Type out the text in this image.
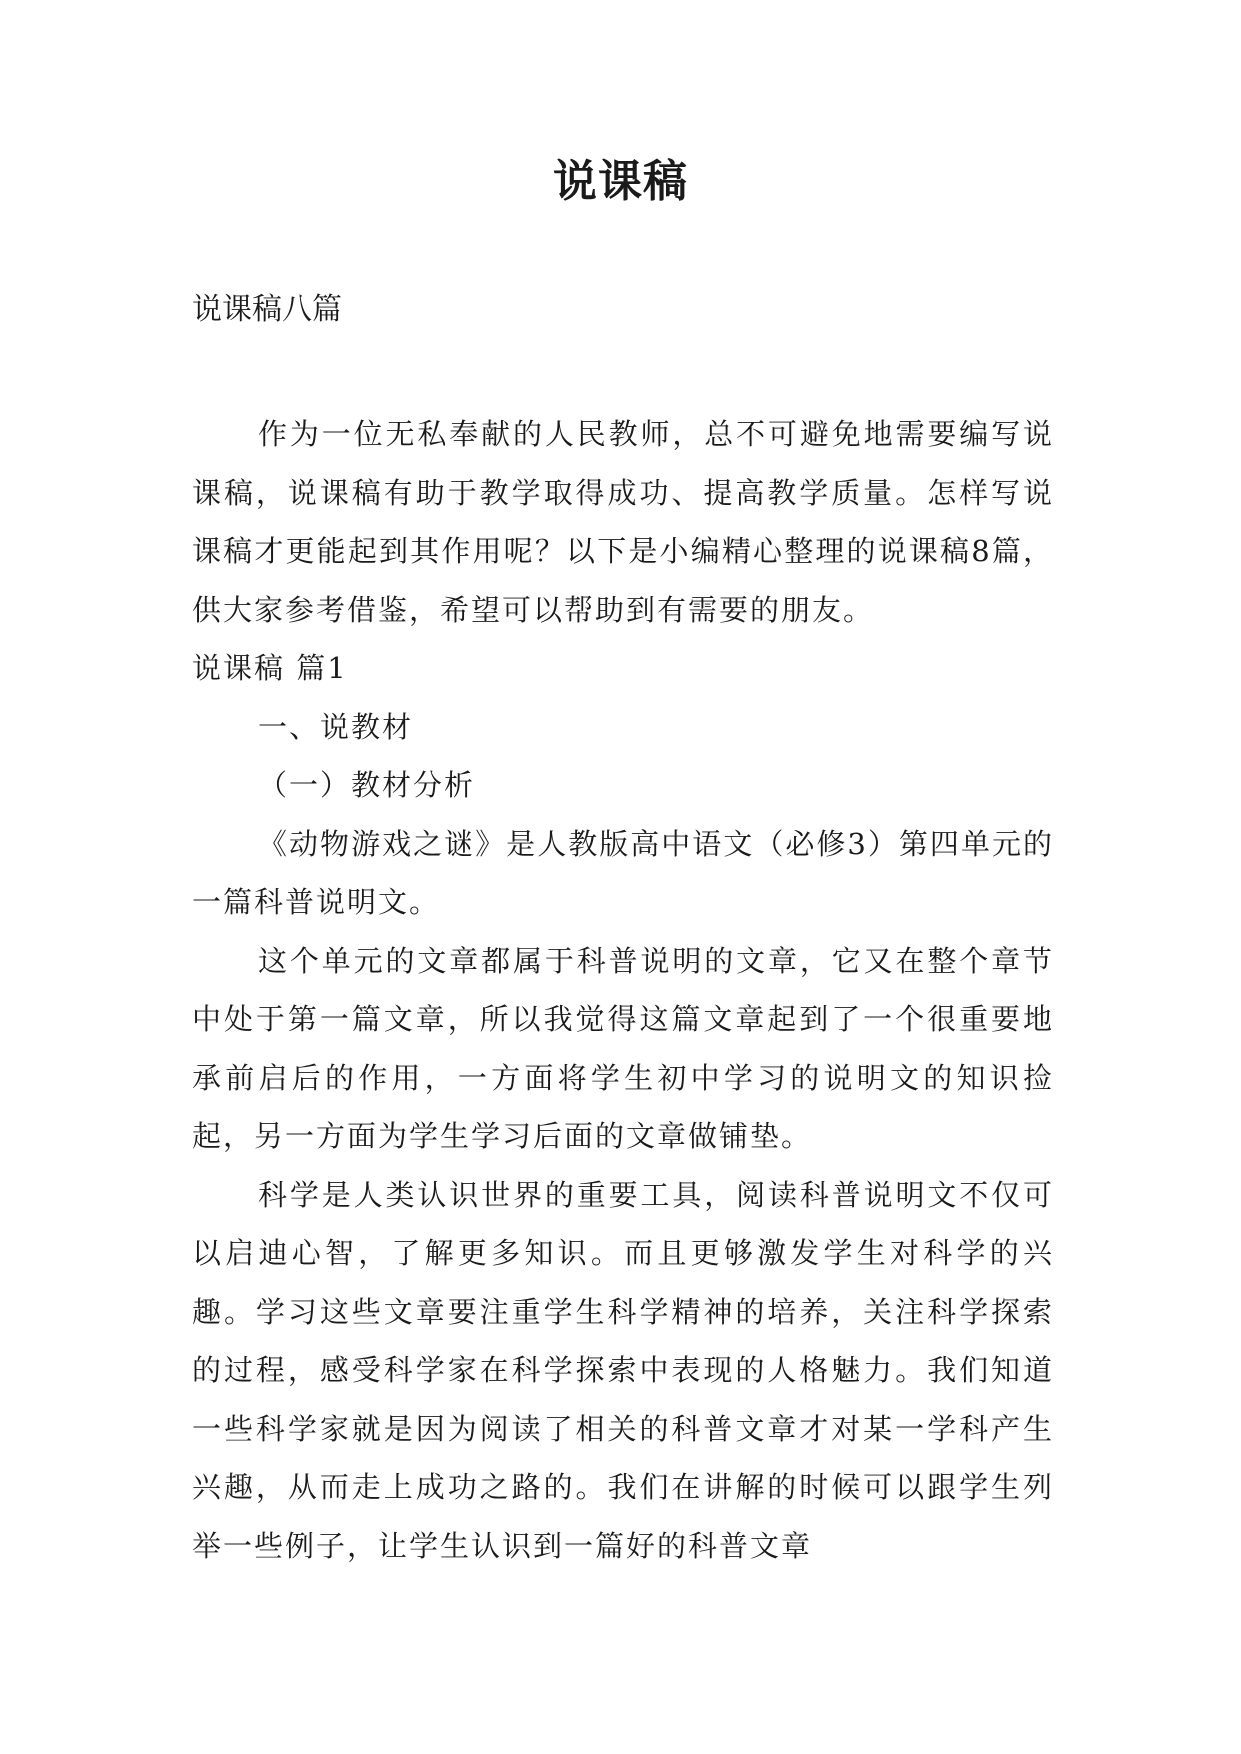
说课稿

说课稿八篇

作为一位无私奉献的人民教师，总不可避免地需要编写说课稿，说课稿有助于教学取得成功、提高教学质量。怎样写说课稿才更能起到其作用呢？以下是小编精心整理的说课稿8篇，供大家参考借鉴，希望可以帮助到有需要的朋友。

说课稿 篇1

一、说教材

（一）教材分析

《动物游戏之谜》是人教版高中语文（必修3）第四单元的一篇科普说明文。

这个单元的文章都属于科普说明的文章，它又在整个章节中处于第一篇文章，所以我觉得这篇文章起到了一个很重要地承前启后的作用，一方面将学生初中学习的说明文的知识捡起，另一方面为学生学习后面的文章做铺垫。

科学是人类认识世界的重要工具，阅读科普说明文不仅可以启迪心智，了解更多知识。而且更够激发学生对科学的兴趣。学习这些文章要注重学生科学精神的培养，关注科学探索的过程，感受科学家在科学探索中表现的人格魅力。我们知道一些科学家就是因为阅读了相关的科普文章才对某一学科产生兴趣，从而走上成功之路的。我们在讲解的时候可以跟学生列举一些例子，让学生认识到一篇好的科普文章
